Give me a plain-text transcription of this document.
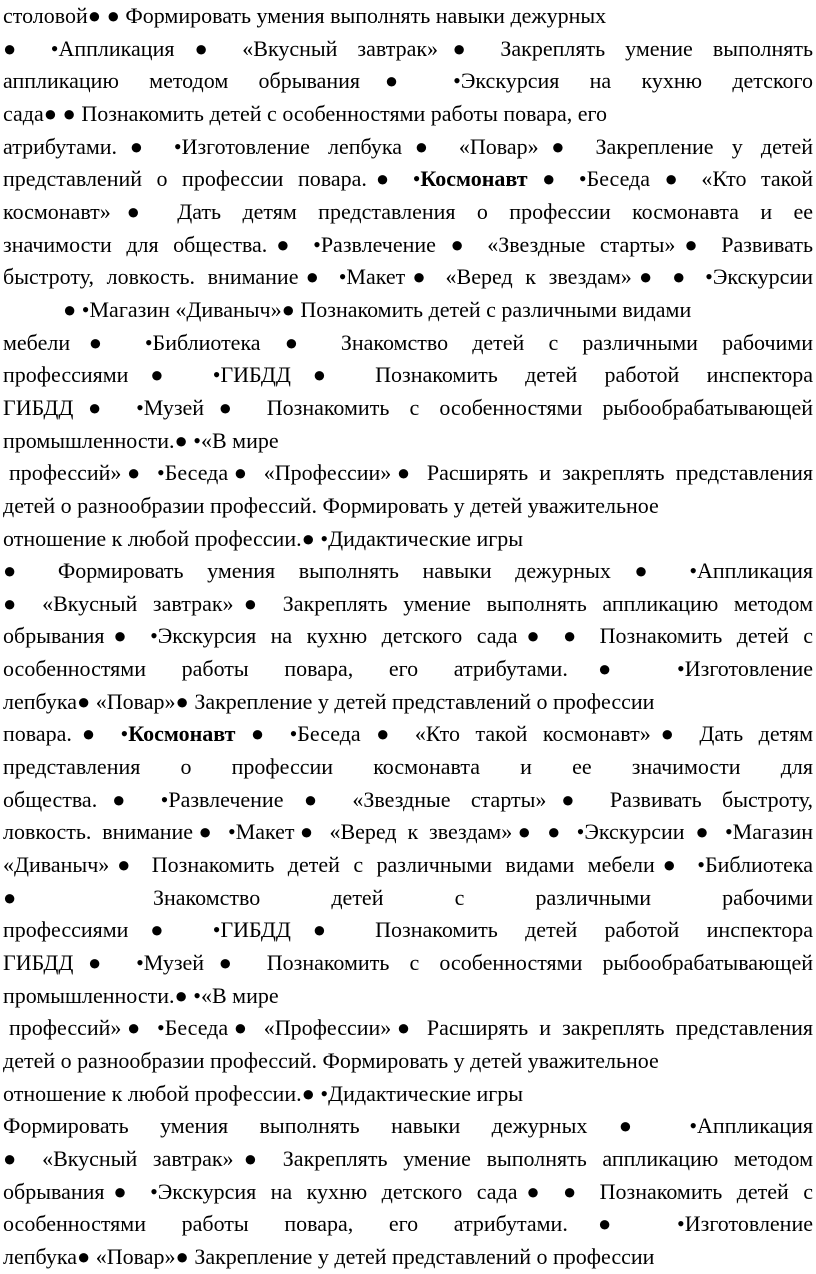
столовой● ● Формировать умения выполнять навыки дежурных
● •Аппликация ● «Вкусный завтрак»● Закреплять умение выполнять
аппликацию методом обрывания● •Экскурсия на кухню детского
сада● ● Познакомить детей с особенностями работы повара, его
атрибутами.● •Изготовление лепбука● «Повар»● Закрепление у детей
представлений о профессии повара.● •Космонавт ● •Беседа ● «Кто такой
космонавт»● Дать детям представления о профессии космонавта и ее
значимости для общества.● •Развлечение ● «Звездные старты»● Развивать
быстроту, ловкость. внимание● •Макет● «Веред к звездам»● ● •Экскурсии
● •Магазин «Диваныч»● Познакомить детей с различными видами
мебели● •Библиотека ● Знакомство детей с различными рабочими
профессиями● •ГИБДД● Познакомить детей работой инспектора
ГИБДД● •Музей● Познакомить с особенностями рыбообрабатывающей
промышленности.● •«В мире
профессий»● •Беседа● «Профессии»● Расширять и закреплять представления
детей о разнообразии профессий. Формировать у детей уважительное
отношение к любой профессии.● •Дидактические игры
● Формировать умения выполнять навыки дежурных ● •Аппликация
● «Вкусный завтрак»● Закреплять умение выполнять аппликацию методом
обрывания● •Экскурсия на кухню детского сада● ● Познакомить детей с
особенностями работы повара, его атрибутами.● •Изготовление
лепбука● «Повар»● Закрепление у детей представлений о профессии
повара.● •Космонавт ● •Беседа ● «Кто такой космонавт»● Дать детям
представления о профессии космонавта и ее значимости для
общества.● •Развлечение ● «Звездные старты»● Развивать быстроту,
ловкость. внимание● •Макет● «Веред к звездам»● ● •Экскурсии ● •Магазин
«Диваныч»● Познакомить детей с различными видами мебели● •Библиотека
● Знакомство детей с различными рабочими
профессиями● •ГИБДД● Познакомить детей работой инспектора
ГИБДД● •Музей● Познакомить с особенностями рыбообрабатывающей
промышленности.● •«В мире
профессий»● •Беседа● «Профессии»● Расширять и закреплять представления
детей о разнообразии профессий. Формировать у детей уважительное
отношение к любой профессии.● •Дидактические игры
Формировать умения выполнять навыки дежурных ● •Аппликация
● «Вкусный завтрак»● Закреплять умение выполнять аппликацию методом
обрывания● •Экскурсия на кухню детского сада● ● Познакомить детей с
особенностями работы повара, его атрибутами.● •Изготовление
лепбука● «Повар»● Закрепление у детей представлений о профессии
